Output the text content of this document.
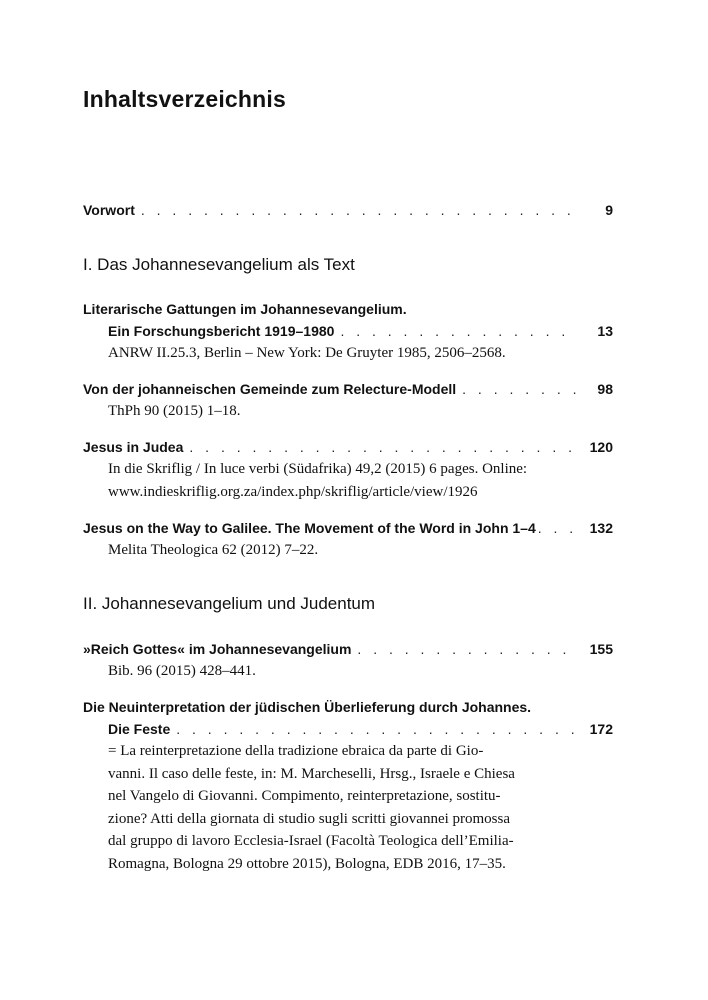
Inhaltsverzeichnis
Vorwort . . .	9
I. Das Johannesevangelium als Text
Literarische Gattungen im Johannesevangelium.
Ein Forschungsbericht 1919–1980 . . .	13
ANRW II.25.3, Berlin – New York: De Gruyter 1985, 2506–2568.
Von der johanneischen Gemeinde zum Relecture-Modell . . .	98
ThPh 90 (2015) 1–18.
Jesus in Judea . . .	120
In die Skriflig / In luce verbi (Südafrika) 49,2 (2015) 6 pages. Online:
www.indieskriflig.org.za/index.php/skriflig/article/view/1926
Jesus on the Way to Galilee. The Movement of the Word in John 1–4 . . .	132
Melita Theologica 62 (2012) 7–22.
II. Johannesevangelium und Judentum
»Reich Gottes« im Johannesevangelium . . .	155
Bib. 96 (2015) 428–441.
Die Neuinterpretation der jüdischen Überlieferung durch Johannes.
Die Feste . . .	172
= La reinterpretazione della tradizione ebraica da parte di Gio-
vanni. Il caso delle feste, in: M. Marcheselli, Hrsg., Israele e Chiesa
nel Vangelo di Giovanni. Compimento, reinterpretazione, sostitu-
zione? Atti della giornata di studio sugli scritti giovannei promossa
dal gruppo di lavoro Ecclesia-Israel (Facoltà Teologica dell’Emilia-
Romagna, Bologna 29 ottobre 2015), Bologna, EDB 2016, 17–35.
